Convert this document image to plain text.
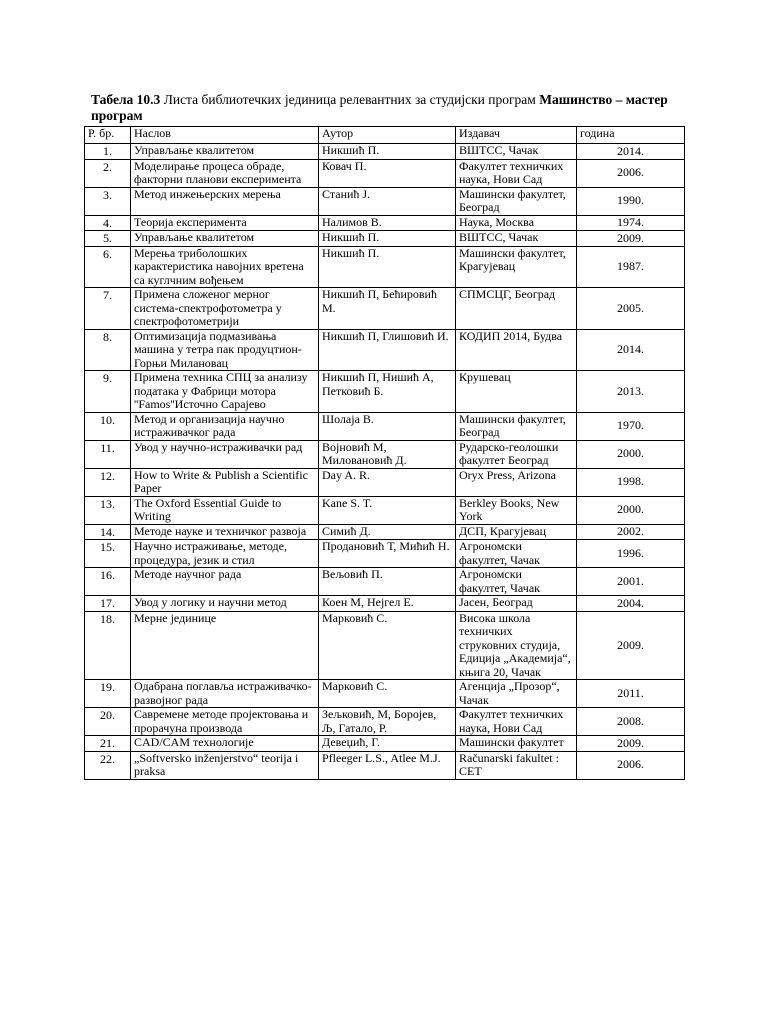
Табела 10.3 Листа библиотечких јединица релевантних за студијски програм Машинство – мастер програм
Р. бр.	Наслов	Аутор	Издавач	година
1.	Управљање квалитетом	Никшић П.	ВШТСС, Чачак	2014.
2.	Моделирање процеса обраде, факторни планови експеримента	Ковач П.	Факултет техничких наука, Нови Сад	2006.
3.	Метод инжењерских мерења	Станић Ј.	Машински факултет, Београд	1990.
4.	Теорија експеримента	Налимов В.	Наука, Москва	1974.
5.	Управљање квалитетом	Никшић П.	ВШТСС, Чачак	2009.
6.	Мерења триболошких карактеристика навојних вретена са куглчним вођењем	Никшић П.	Машински факултет, Крагујевац	1987.
7.	Примена сложеног мерног система-спектрофотометра у спектрофотометрији	Никшић П, Бећировић М.	СПМСЦГ, Београд	2005.
8.	Оптимизација подмазивања машина у тетра пак продуцтион-Горњи Милановац	Никшић П, Глишовић И.	КОДИП 2014, Будва	2014.
9.	Примена техника СПЦ за анализу података у Фабрици мотора ''Famos''Источно Сарајево	Никшић П, Нишић А, Петковић Б.	Крушевац	2013.
10.	Метод и организација научно истраживачког рада	Шолаја В.	Машински факултет, Београд	1970.
11.	Увод у научно-истраживачки рад	Војновић М, Миловановић Д.	Рударско-геолошки факултет Београд	2000.
12.	How to Write & Publish a Scientific Paper	Day A. R.	Oryx Press, Arizona	1998.
13.	The Oxford Essential Guide to Writing	Kane S. T.	Berkley Books, New York	2000.
14.	Методе науке и техничког развоја	Симић Д.	ДСП, Крагујевац	2002.
15.	Научно истраживање, методе, процедура, језик и стил	Продановић Т, Мићић Н.	Агрономски факултет, Чачак	1996.
16.	Методе научног рада	Вељовић П.	Агрономски факултет, Чачак	2001.
17.	Увод у логику и научни метод	Коен М, Нејгел Е.	Јасен, Београд	2004.
18.	Мерне јединице	Марковић С.	Висока школа техничких струковних студија, Едиција „Академија“, књига 20, Чачак	2009.
19.	Одабрана поглавља истраживачко-развојног рада	Марковић С.	Агенција „Прозор“, Чачак	2011.
20.	Савремене методе пројектовања и прорачуна производа	Зељковић, М, Боројев, Љ, Гатало, Р.	Факултет техничких наука, Нови Сад	2008.
21.	CAD/CAM технологије	Девеџић, Г.	Машински факултет	2009.
22.	„Softversko inženjerstvo“ teorija i praksa	Pfleeger L.S., Atlee M.J.	Računarski fakultet : CET	2006.
